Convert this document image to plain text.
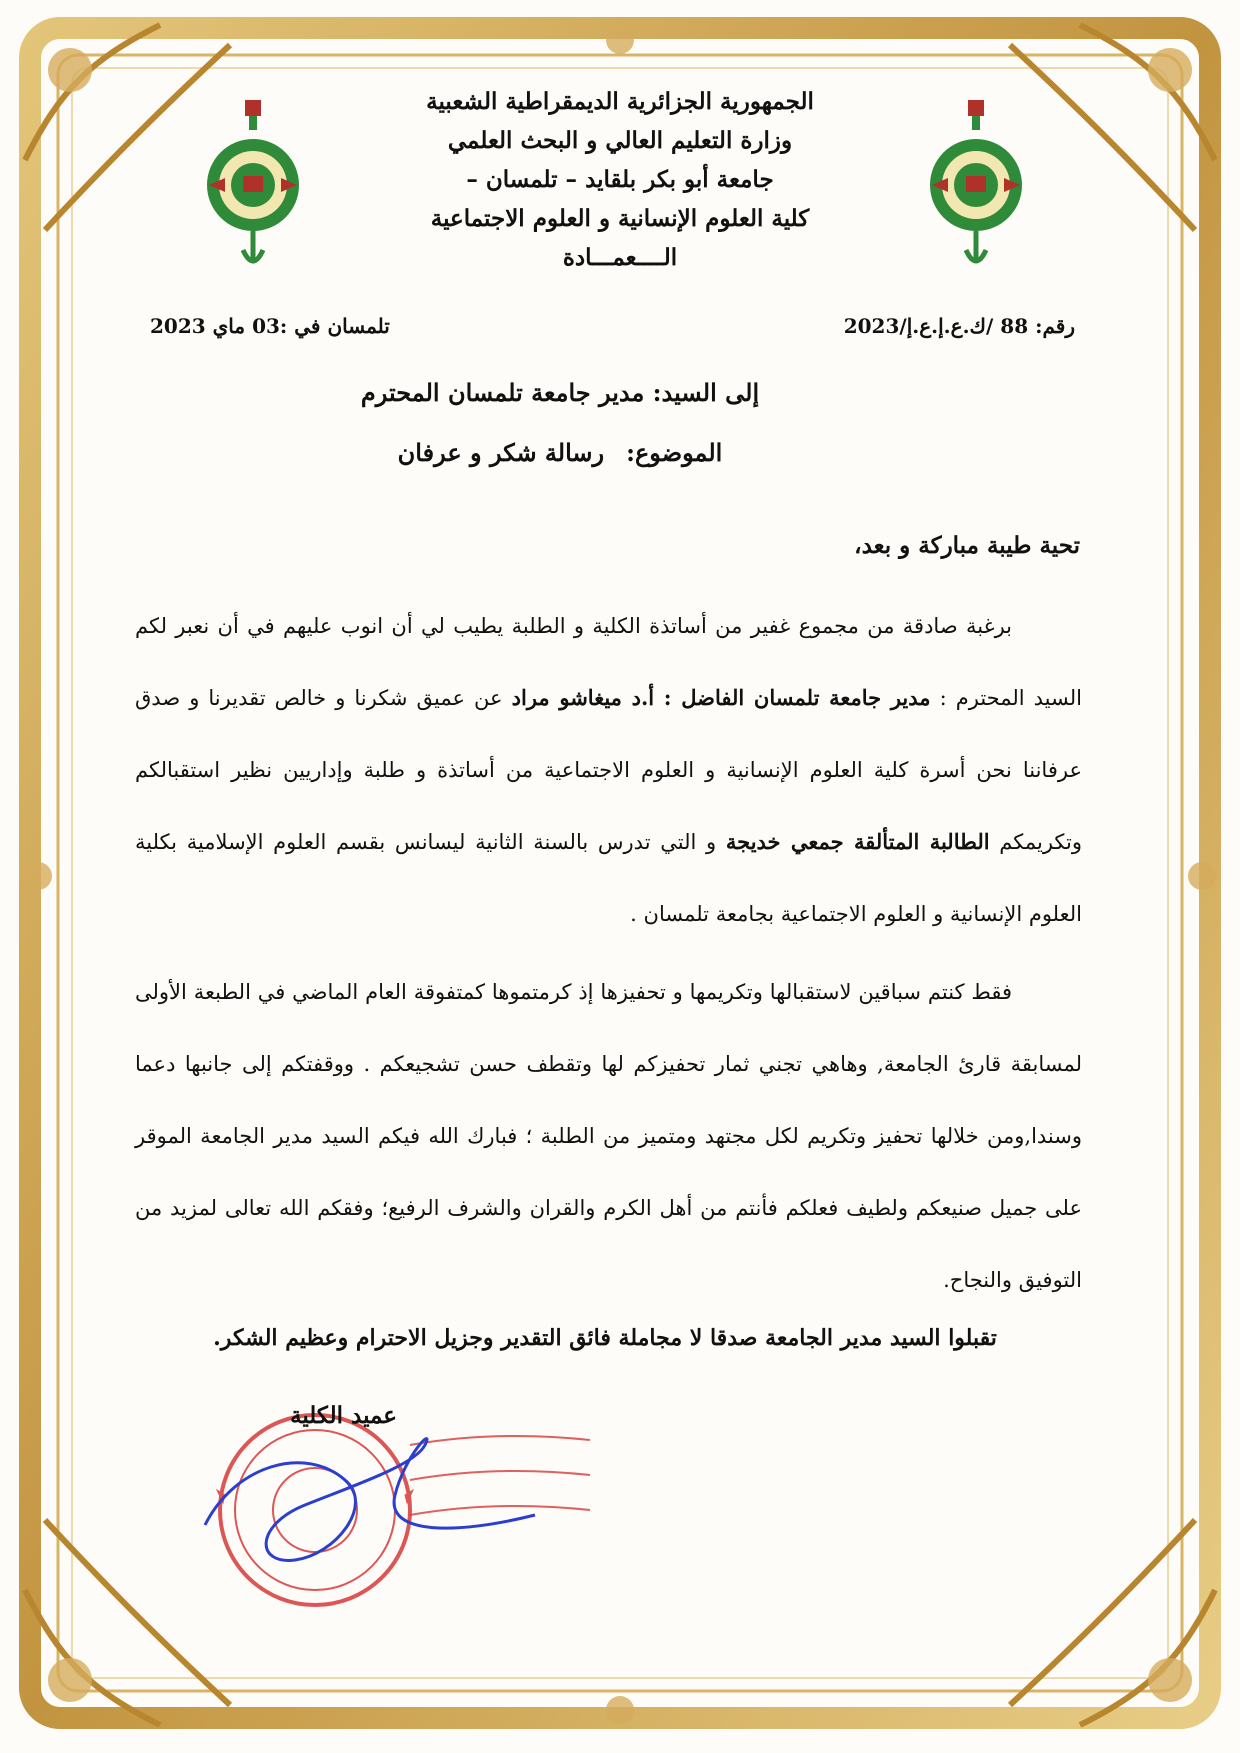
الجمهورية الجزائرية الديمقراطية الشعبية
وزارة التعليم العالي و البحث العلمي
جامعة أبو بكر بلقايد – تلمسان –
كلية العلوم الإنسانية و العلوم الاجتماعية
الــــعمـــادة
رقم: 88 /ك.ع.إ.ع.إ/2023
تلمسان في :03 ماي 2023
إلى السيد: مدير جامعة تلمسان المحترم
الموضوع:رسالة شكر و عرفان
تحية طيبة مباركة و بعد،

برغبة صادقة من مجموع غفير من أساتذة الكلية و الطلبة يطيب لي أن انوب عليهم في أن نعبر لكم السيد المحترم : مدير جامعة تلمسان الفاضل : أ.د ميغاشو مراد عن عميق شكرنا و خالص تقديرنا و صدق عرفاننا نحن أسرة كلية العلوم الإنسانية و العلوم الاجتماعية من أساتذة و طلبة وإداريين نظير استقبالكم وتكريمكم الطالبة المتألقة جمعي خديجة و التي تدرس بالسنة الثانية ليسانس بقسم العلوم الإسلامية بكلية العلوم الإنسانية و العلوم الاجتماعية بجامعة تلمسان .

فقط كنتم سباقين لاستقبالها وتكريمها و تحفيزها إذ كرمتموها كمتفوقة العام الماضي في الطبعة الأولى لمسابقة قارئ الجامعة, وهاهي تجني ثمار تحفيزكم لها وتقطف حسن تشجيعكم . ووقفتكم إلى جانبها دعما وسندا,ومن خلالها تحفيز وتكريم لكل مجتهد ومتميز من الطلبة ؛ فبارك الله فيكم السيد مدير الجامعة الموقر على جميل صنيعكم ولطيف فعلكم فأنتم من أهل الكرم والقران والشرف الرفيع؛ وفقكم الله تعالى لمزيد من التوفيق والنجاح.

تقبلوا السيد مدير الجامعة صدقا لا مجاملة فائق التقدير وجزيل الاحترام وعظيم الشكر.
عميد الكلية
